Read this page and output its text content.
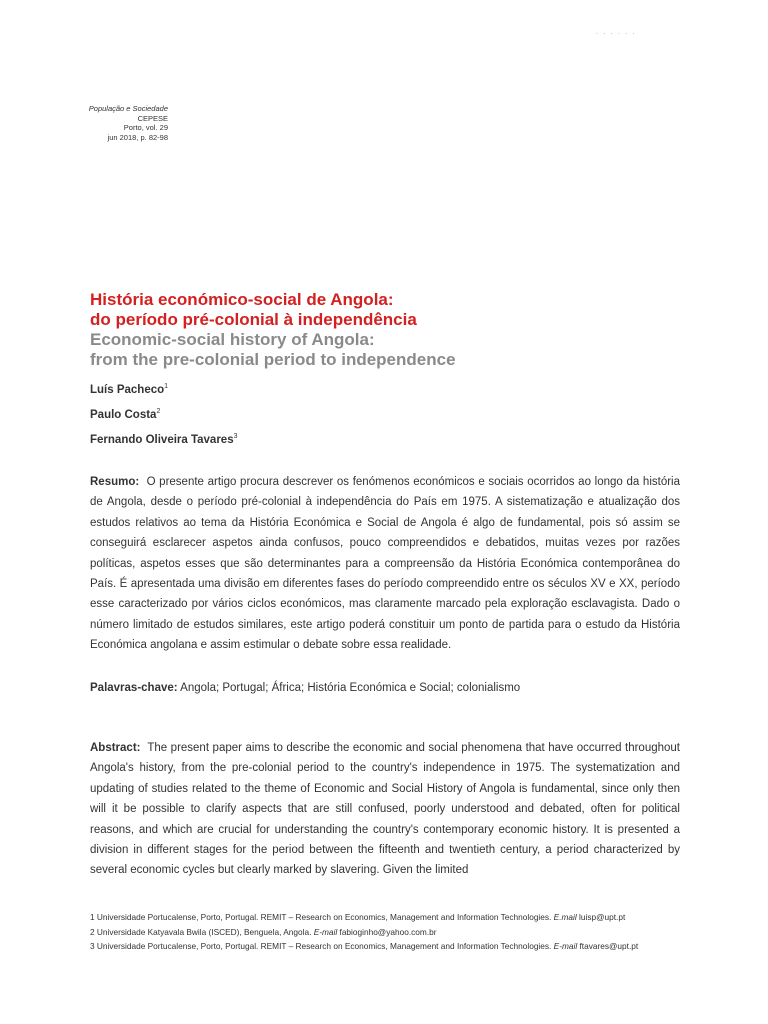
. . . . . .
População e Sociedade
CEPESE
Porto, vol. 29
jun 2018, p. 82-98
História económico-social de Angola:
do período pré-colonial à independência
Economic-social history of Angola:
from the pre-colonial period to independence
Luís Pacheco$^1$
Paulo Costa$^2$
Fernando Oliveira Tavares$^3$
Resumo: O presente artigo procura descrever os fenómenos económicos e sociais ocorridos ao longo da história de Angola, desde o período pré-colonial à independência do País em 1975. A sistematização e atualização dos estudos relativos ao tema da História Económica e Social de Angola é algo de fundamental, pois só assim se conseguirá esclarecer aspetos ainda confusos, pouco compreendidos e debatidos, muitas vezes por razões políticas, aspetos esses que são determinantes para a compreensão da História Económica contemporânea do País. É apresentada uma divisão em diferentes fases do período compreendido entre os séculos XV e XX, período esse caracterizado por vários ciclos económicos, mas claramente marcado pela exploração esclavagista. Dado o número limitado de estudos similares, este artigo poderá constituir um ponto de partida para o estudo da História Económica angolana e assim estimular o debate sobre essa realidade.
Palavras-chave: Angola; Portugal; África; História Económica e Social; colonialismo
Abstract: The present paper aims to describe the economic and social phenomena that have occurred throughout Angola's history, from the pre-colonial period to the country's independence in 1975. The systematization and updating of studies related to the theme of Economic and Social History of Angola is fundamental, since only then will it be possible to clarify aspects that are still confused, poorly understood and debated, often for political reasons, and which are crucial for understanding the country's contemporary economic history. It is presented a division in different stages for the period between the fifteenth and twentieth century, a period characterized by several economic cycles but clearly marked by slavering. Given the limited
1 Universidade Portucalense, Porto, Portugal. REMIT – Research on Economics, Management and Information Technologies. E.mail luisp@upt.pt
2 Universidade Katyavala Bwila (ISCED), Benguela, Angola. E-mail fabioginho@yahoo.com.br
3 Universidade Portucalense, Porto, Portugal. REMIT – Research on Economics, Management and Information Technologies. E-mail ftavares@upt.pt
